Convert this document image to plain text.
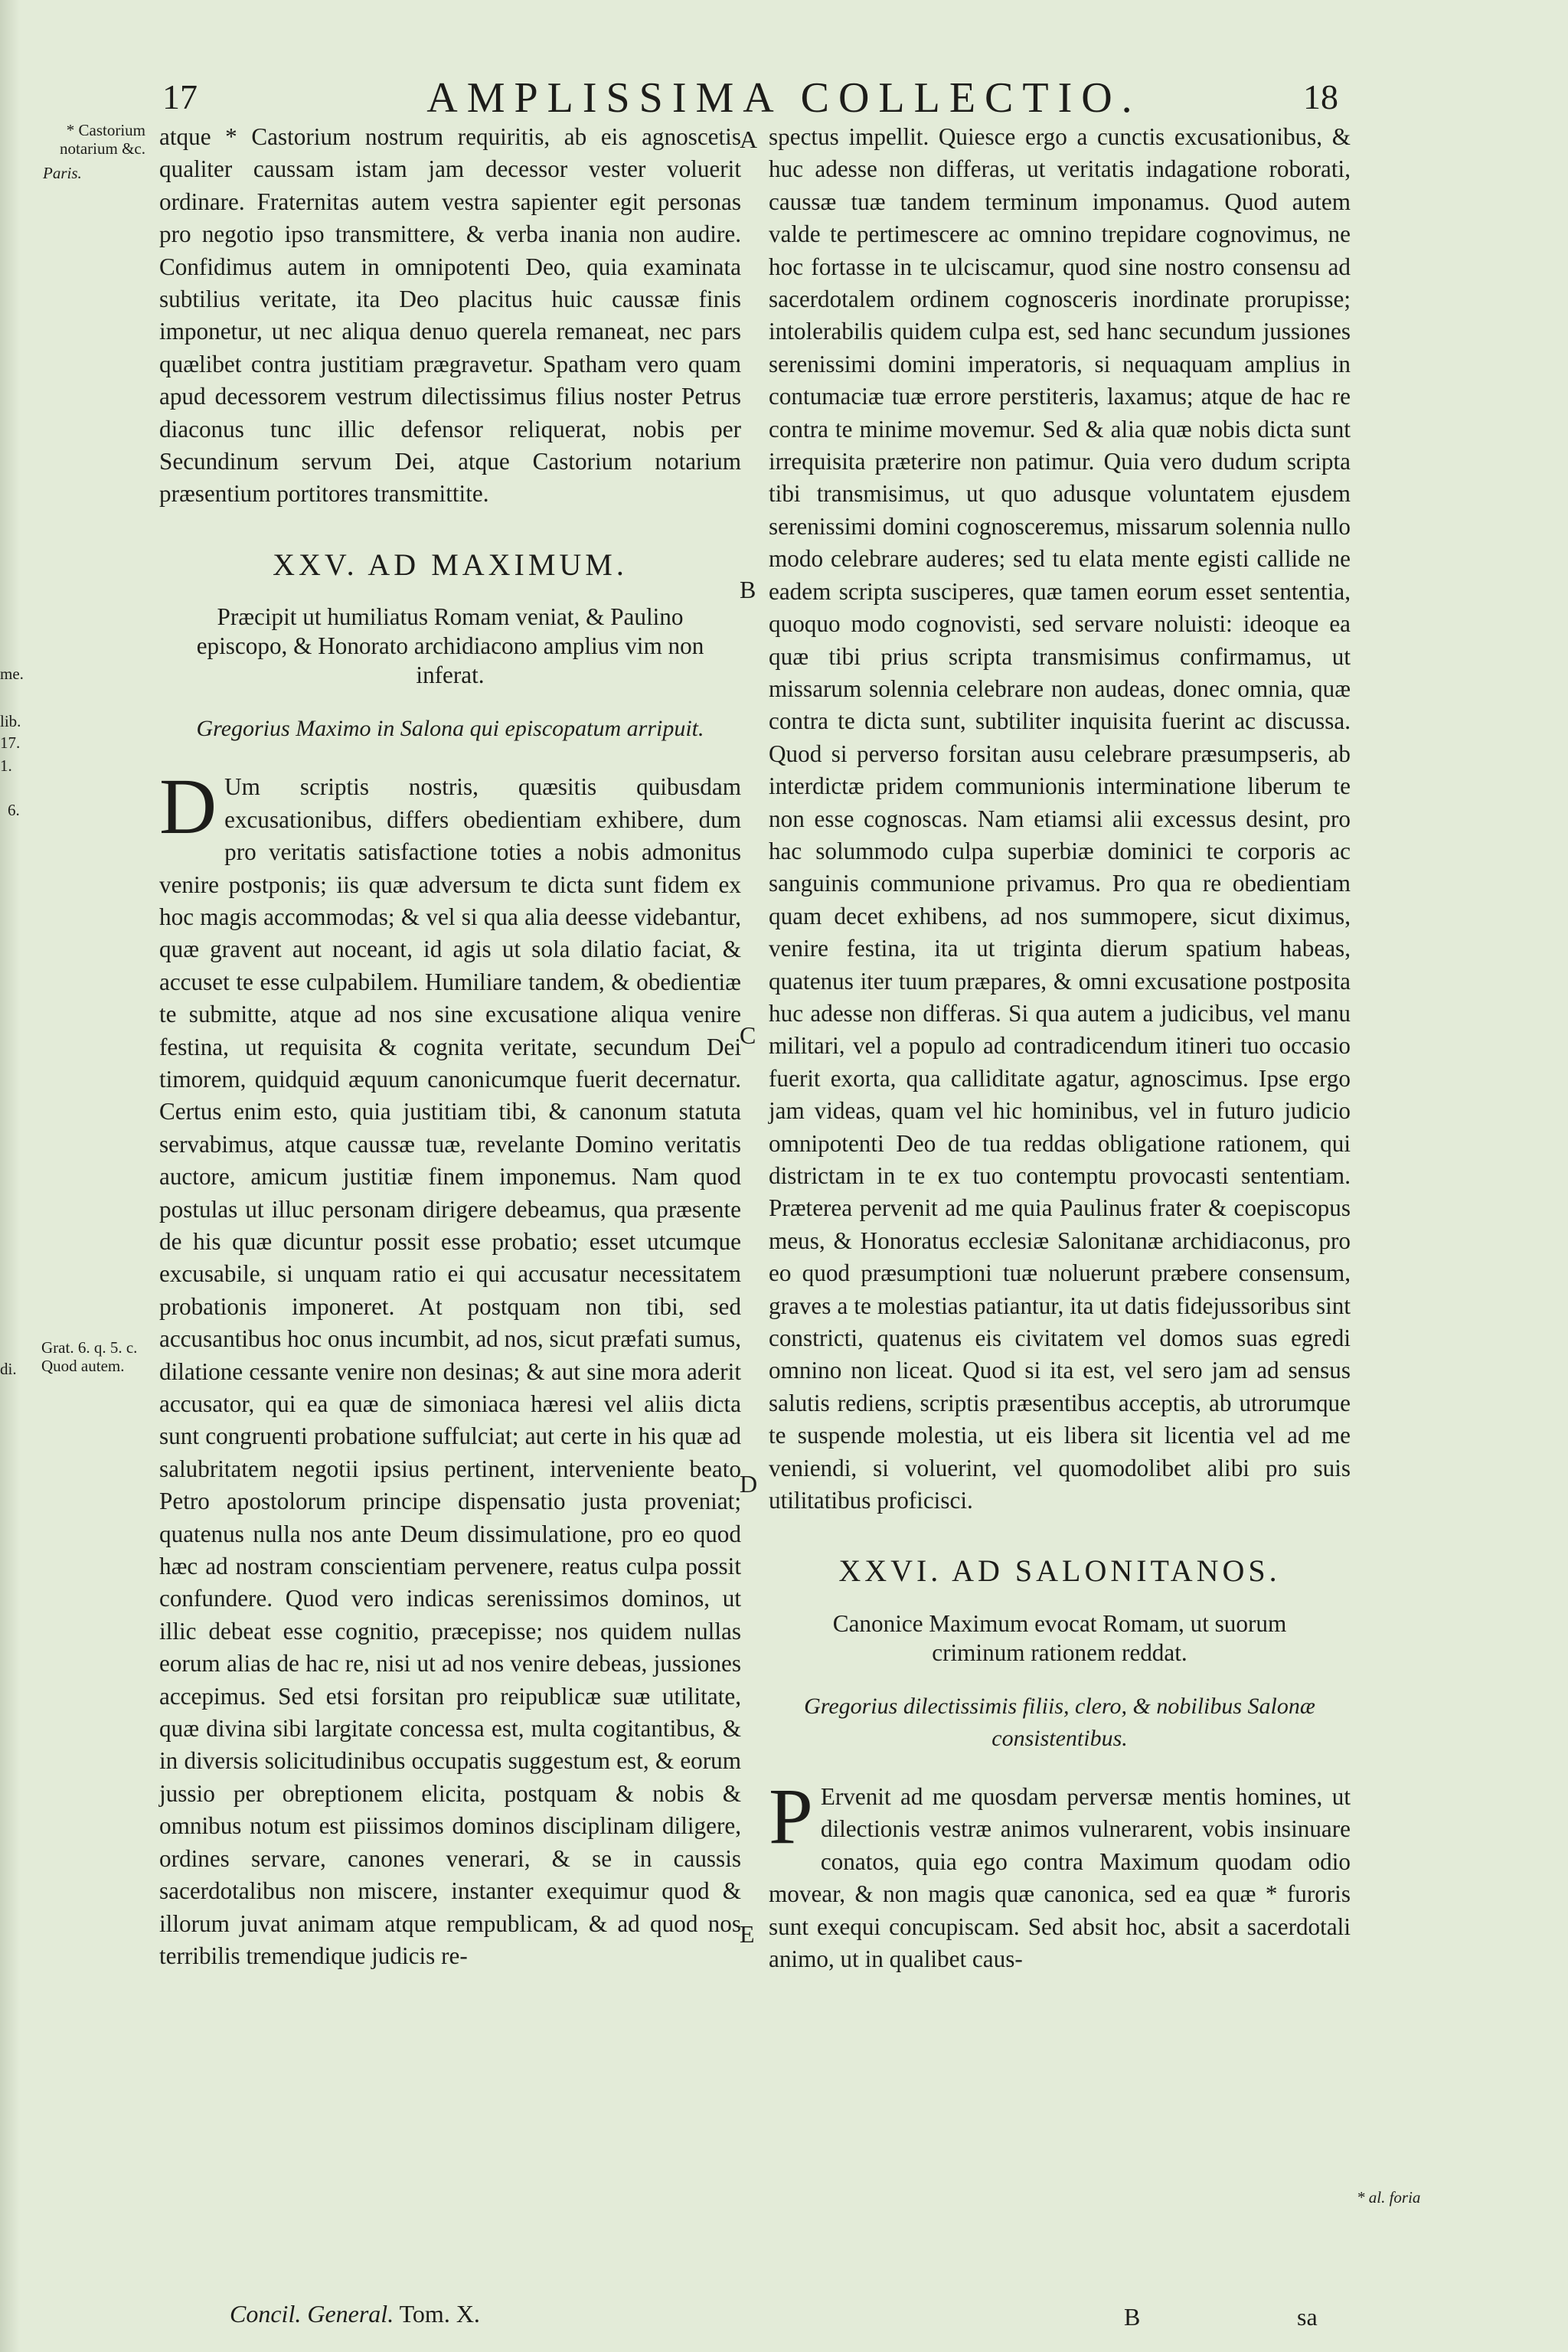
17	AMPLISSIMA COLLECTIO.	18
* Castorium notarium &c.
Paris.
me.
lib.
17.
1.
6.
di.
Grat. 6. q. 5. c. Quod autem.
* al. foria
A
B
C
D
E

atque * Castorium nostrum requiritis, ab eis agnoscetis qualiter caussam istam jam decessor vester voluerit ordinare. Fraternitas autem vestra sapienter egit personas pro negotio ipso transmittere, & verba inania non audire. Confidimus autem in omnipotenti Deo, quia examinata subtilius veritate, ita Deo placitus huic caussæ finis imponetur, ut nec aliqua denuo querela remaneat, nec pars quælibet contra justitiam prægravetur. Spatham vero quam apud decessorem vestrum dilectissimus filius noster Petrus diaconus tunc illic defensor reliquerat, nobis per Secundinum servum Dei, atque Castorium notarium præsentium portitores transmittite.

XXV. AD MAXIMUM.
Præcipit ut humiliatus Romam veniat, & Paulino episcopo, & Honorato archidiacono amplius vim non inferat.
Gregorius Maximo in Salona qui episcopatum arripuit.

D Um scriptis nostris, quæsitis quibusdam excusationibus, differs obedientiam exhibere, dum pro veritatis satisfactione toties a nobis admonitus venire postponis; iis quæ adversum te dicta sunt fidem ex hoc magis accommodas; & vel si qua alia deesse videbantur, quæ gravent aut noceant, id agis ut sola dilatio faciat, & accuset te esse culpabilem. Humiliare tandem, & obedientiæ te submitte, atque ad nos sine excusatione aliqua venire festina, ut requisita & cognita veritate, secundum Dei timorem, quidquid æquum canonicumque fuerit decernatur. Certus enim esto, quia justitiam tibi, & canonum statuta servabimus, atque caussæ tuæ, revelante Domino veritatis auctore, amicum justitiæ finem imponemus. Nam quod postulas ut illuc personam dirigere debeamus, qua præsente de his quæ dicuntur possit esse probatio; esset utcumque excusabile, si unquam ratio ei qui accusatur necessitatem probationis imponeret. At postquam non tibi, sed accusantibus hoc onus incumbit, ad nos, sicut præfati sumus, dilatione cessante venire non desinas; & aut sine mora aderit accusator, qui ea quæ de simoniaca hæresi vel aliis dicta sunt congruenti probatione suffulciat; aut certe in his quæ ad salubritatem negotii ipsius pertinent, interveniente beato Petro apostolorum principe dispensatio justa proveniat; quatenus nulla nos ante Deum dissimulatione, pro eo quod hæc ad nostram conscientiam pervenere, reatus culpa possit confundere. Quod vero indicas serenissimos dominos, ut illic debeat esse cognitio, præcepisse; nos quidem nullas eorum alias de hac re, nisi ut ad nos venire debeas, jussiones accepimus. Sed etsi forsitan pro reipublicæ suæ utilitate, quæ divina sibi largitate concessa est, multa cogitantibus, & in diversis solicitudinibus occupatis suggestum est, & eorum jussio per obreptionem elicita, postquam & nobis & omnibus notum est piissimos dominos disciplinam diligere, ordines servare, canones venerari, & se in caussis sacerdotalibus non miscere, instanter exequimur quod & illorum juvat animam atque rempublicam, & ad quod nos terribilis tremendique judicis re-

spectus impellit. Quiesce ergo a cunctis excusationibus, & huc adesse non differas, ut veritatis indagatione roborati, caussæ tuæ tandem terminum imponamus. Quod autem valde te pertimescere ac omnino trepidare cognovimus, ne hoc fortasse in te ulciscamur, quod sine nostro consensu ad sacerdotalem ordinem cognosceris inordinate prorupisse; intolerabilis quidem culpa est, sed hanc secundum jussiones serenissimi domini imperatoris, si nequaquam amplius in contumaciæ tuæ errore perstiteris, laxamus; atque de hac re contra te minime movemur. Sed & alia quæ nobis dicta sunt irrequisita præterire non patimur. Quia vero dudum scripta tibi transmisimus, ut quo adusque voluntatem ejusdem serenissimi domini cognosceremus, missarum solennia nullo modo celebrare auderes; sed tu elata mente egisti callide ne eadem scripta susciperes, quæ tamen eorum esset sententia, quoquo modo cognovisti, sed servare noluisti: ideoque ea quæ tibi prius scripta transmisimus confirmamus, ut missarum solennia celebrare non audeas, donec omnia, quæ contra te dicta sunt, subtiliter inquisita fuerint ac discussa. Quod si perverso forsitan ausu celebrare præsumpseris, ab interdictæ pridem communionis interminatione liberum te non esse cognoscas. Nam etiamsi alii excessus desint, pro hac solummodo culpa superbiæ dominici te corporis ac sanguinis communione privamus. Pro qua re obedientiam quam decet exhibens, ad nos summopere, sicut diximus, venire festina, ita ut triginta dierum spatium habeas, quatenus iter tuum præpares, & omni excusatione postposita huc adesse non differas. Si qua autem a judicibus, vel manu militari, vel a populo ad contradicendum itineri tuo occasio fuerit exorta, qua calliditate agatur, agnoscimus. Ipse ergo jam videas, quam vel hic hominibus, vel in futuro judicio omnipotenti Deo de tua reddas obligatione rationem, qui districtam in te ex tuo contemptu provocasti sententiam. Præterea pervenit ad me quia Paulinus frater & coepiscopus meus, & Honoratus ecclesiæ Salonitanæ archidiaconus, pro eo quod præsumptioni tuæ noluerunt præbere consensum, graves a te molestias patiantur, ita ut datis fidejussoribus sint constricti, quatenus eis civitatem vel domos suas egredi omnino non liceat. Quod si ita est, vel sero jam ad sensus salutis rediens, scriptis præsentibus acceptis, ab utrorumque te suspende molestia, ut eis libera sit licentia vel ad me veniendi, si voluerint, vel quomodolibet alibi pro suis utilitatibus proficisci.

XXVI. AD SALONITANOS.
Canonice Maximum evocat Romam, ut suorum criminum rationem reddat.
Gregorius dilectissimis filiis, clero, & nobilibus Salonæ consistentibus.

P Ervenit ad me quosdam perversæ mentis homines, ut dilectionis vestræ animos vulnerarent, vobis insinuare conatos, quia ego contra Maximum quodam odio movear, & non magis quæ canonica, sed ea quæ * furoris sunt exequi concupiscam. Sed absit hoc, absit a sacerdotali animo, ut in qualibet caus-

Concil. General. Tom. X.	B	sa
